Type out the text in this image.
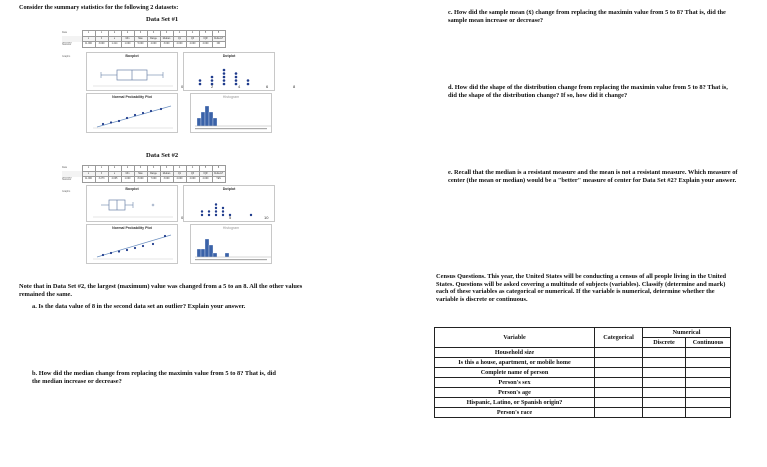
Consider the summary statistics for the following 2 datasets:
Data Set #1
Data	1	1	2	2	3	3	3	4	4	5	5
	n	x̄	s	Min	Max	Range	Median	Q1	Q3	IQR	Outliers?
Summary Statistics	11.000	3.000	1.414	1.000	5.000	4.000	3.000	2.000	4.000	2.000	NO
Graphs	Boxplot	Dotplot
0	2	4	6	8
Normal Probability Plot	Histogram
Data Set #2
Data	1	1	2	2	3	3	3	4	4	5	8
	n	x̄	s	Min	Max	Range	Median	Q1	Q3	IQR	Outliers?
Summary Statistics	11.000	3.273	2.005	1.000	8.000	7.000	3.000	2.000	4.000	2.000	YES
Graphs
Boxplot	Dotplot
0	5	10
Normal Probability Plot	Histogram
Note that in Data Set #2, the largest (maximum) value was changed from a 5 to an 8. All the other values remained the same.
a. Is the data value of 8 in the second data set an outlier? Explain your answer.
b. How did the median change from replacing the maximin value from 5 to 8? That is, did the median increase or decrease?
c. How did the sample mean (x̄) change from replacing the maximin value from 5 to 8? That is, did the sample mean increase or decrease?
d. How did the shape of the distribution change from replacing the maximin value from 5 to 8? That is, did the shape of the distribution change? If so, how did it change?
e. Recall that the median is a resistant measure and the mean is not a resistant measure. Which measure of center (the mean or median) would be a "better" measure of center for Data Set #2? Explain your answer.
Census Questions. This year, the United States will be conducting a census of all people living in the United States. Questions will be asked covering a multitude of subjects (variables). Classify (determine and mark) each of these variables as categorical or numerical. If the variable is numerical, determine whether the variable is discrete or continuous.
Variable	Categorical	Numerical	
		Discrete	Continuous
Household size			
Is this a house, apartment, or mobile home			
Complete name of person			
Person's sex			
Person's age			
Hispanic, Latino, or Spanish origin?			
Person's race			
